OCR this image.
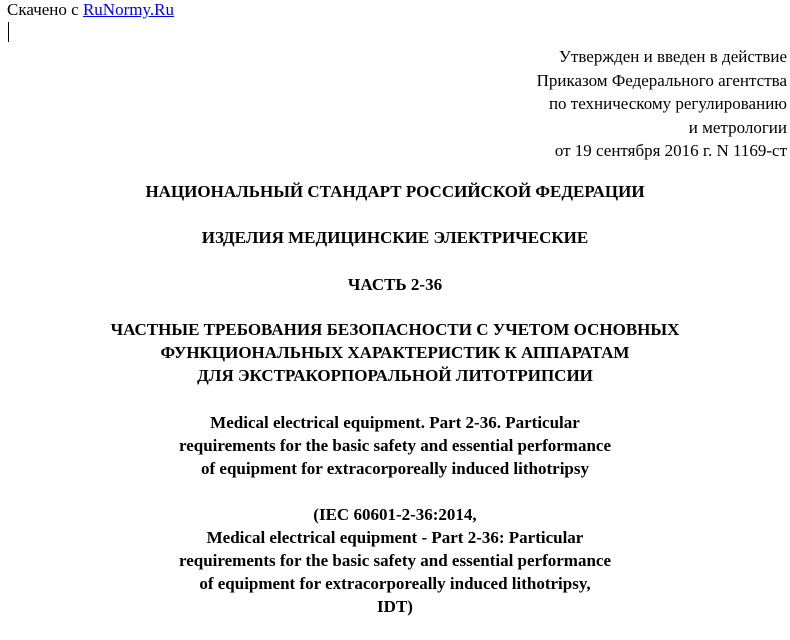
Скачено с RuNormy.Ru
Утвержден и введен в действие
Приказом Федерального агентства
по техническому регулированию
и метрологии
от 19 сентября 2016 г. N 1169-ст
НАЦИОНАЛЬНЫЙ СТАНДАРТ РОССИЙСКОЙ ФЕДЕРАЦИИ
ИЗДЕЛИЯ МЕДИЦИНСКИЕ ЭЛЕКТРИЧЕСКИЕ
ЧАСТЬ 2-36
ЧАСТНЫЕ ТРЕБОВАНИЯ БЕЗОПАСНОСТИ С УЧЕТОМ ОСНОВНЫХ
ФУНКЦИОНАЛЬНЫХ ХАРАКТЕРИСТИК К АППАРАТАМ
ДЛЯ ЭКСТРАКОРПОРАЛЬНОЙ ЛИТОТРИПСИИ
Medical electrical equipment. Part 2-36. Particular
requirements for the basic safety and essential performance
of equipment for extracorporeally induced lithotripsy
(IEC 60601-2-36:2014,
Medical electrical equipment - Part 2-36: Particular
requirements for the basic safety and essential performance
of equipment for extracorporeally induced lithotripsy,
IDT)
